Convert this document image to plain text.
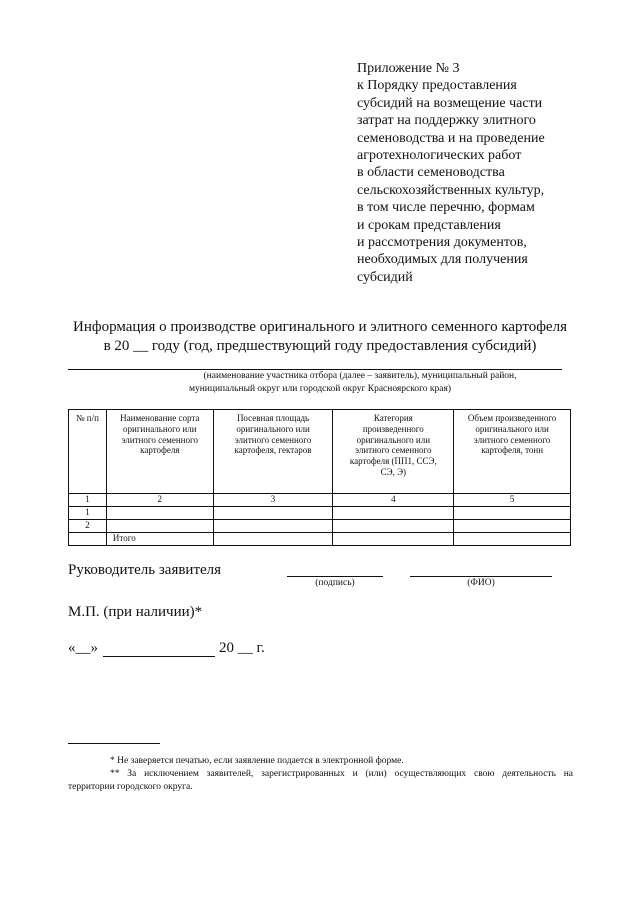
Приложение № 3
к Порядку предоставления
субсидий на возмещение части
затрат на поддержку элитного
семеноводства и на проведение
агротехнологических работ
в области семеноводства
сельскохозяйственных культур,
в том числе перечню, формам
и срокам представления
и рассмотрения документов,
необходимых для получения
субсидий
Информация о производстве оригинального и элитного семенного картофеля
в 20 __ году (год, предшествующий году предоставления субсидий)
(наименование участника отбора (далее – заявитель), муниципальный район,
муниципальный округ или городской округ Красноярского края)
№ п/п	Наименование сорта оригинального или элитного семенного картофеля	Посевная площадь оригинального или элитного семенного картофеля, гектаров	Категория произведенного оригинального или элитного семенного картофеля (ПП1, ССЭ, СЭ, Э)	Объем произведенного оригинального или элитного семенного картофеля, тонн
1	2	3	4	5
1				
2				
	Итого			
Руководитель заявителя
(подпись)	(ФИО)
М.П. (при наличии)*
«__»	20 __ г.
* Не заверяется печатью, если заявление подается в электронной форме.
** За исключением заявителей, зарегистрированных и (или) осуществляющих свою деятельность на
территории городского округа.
